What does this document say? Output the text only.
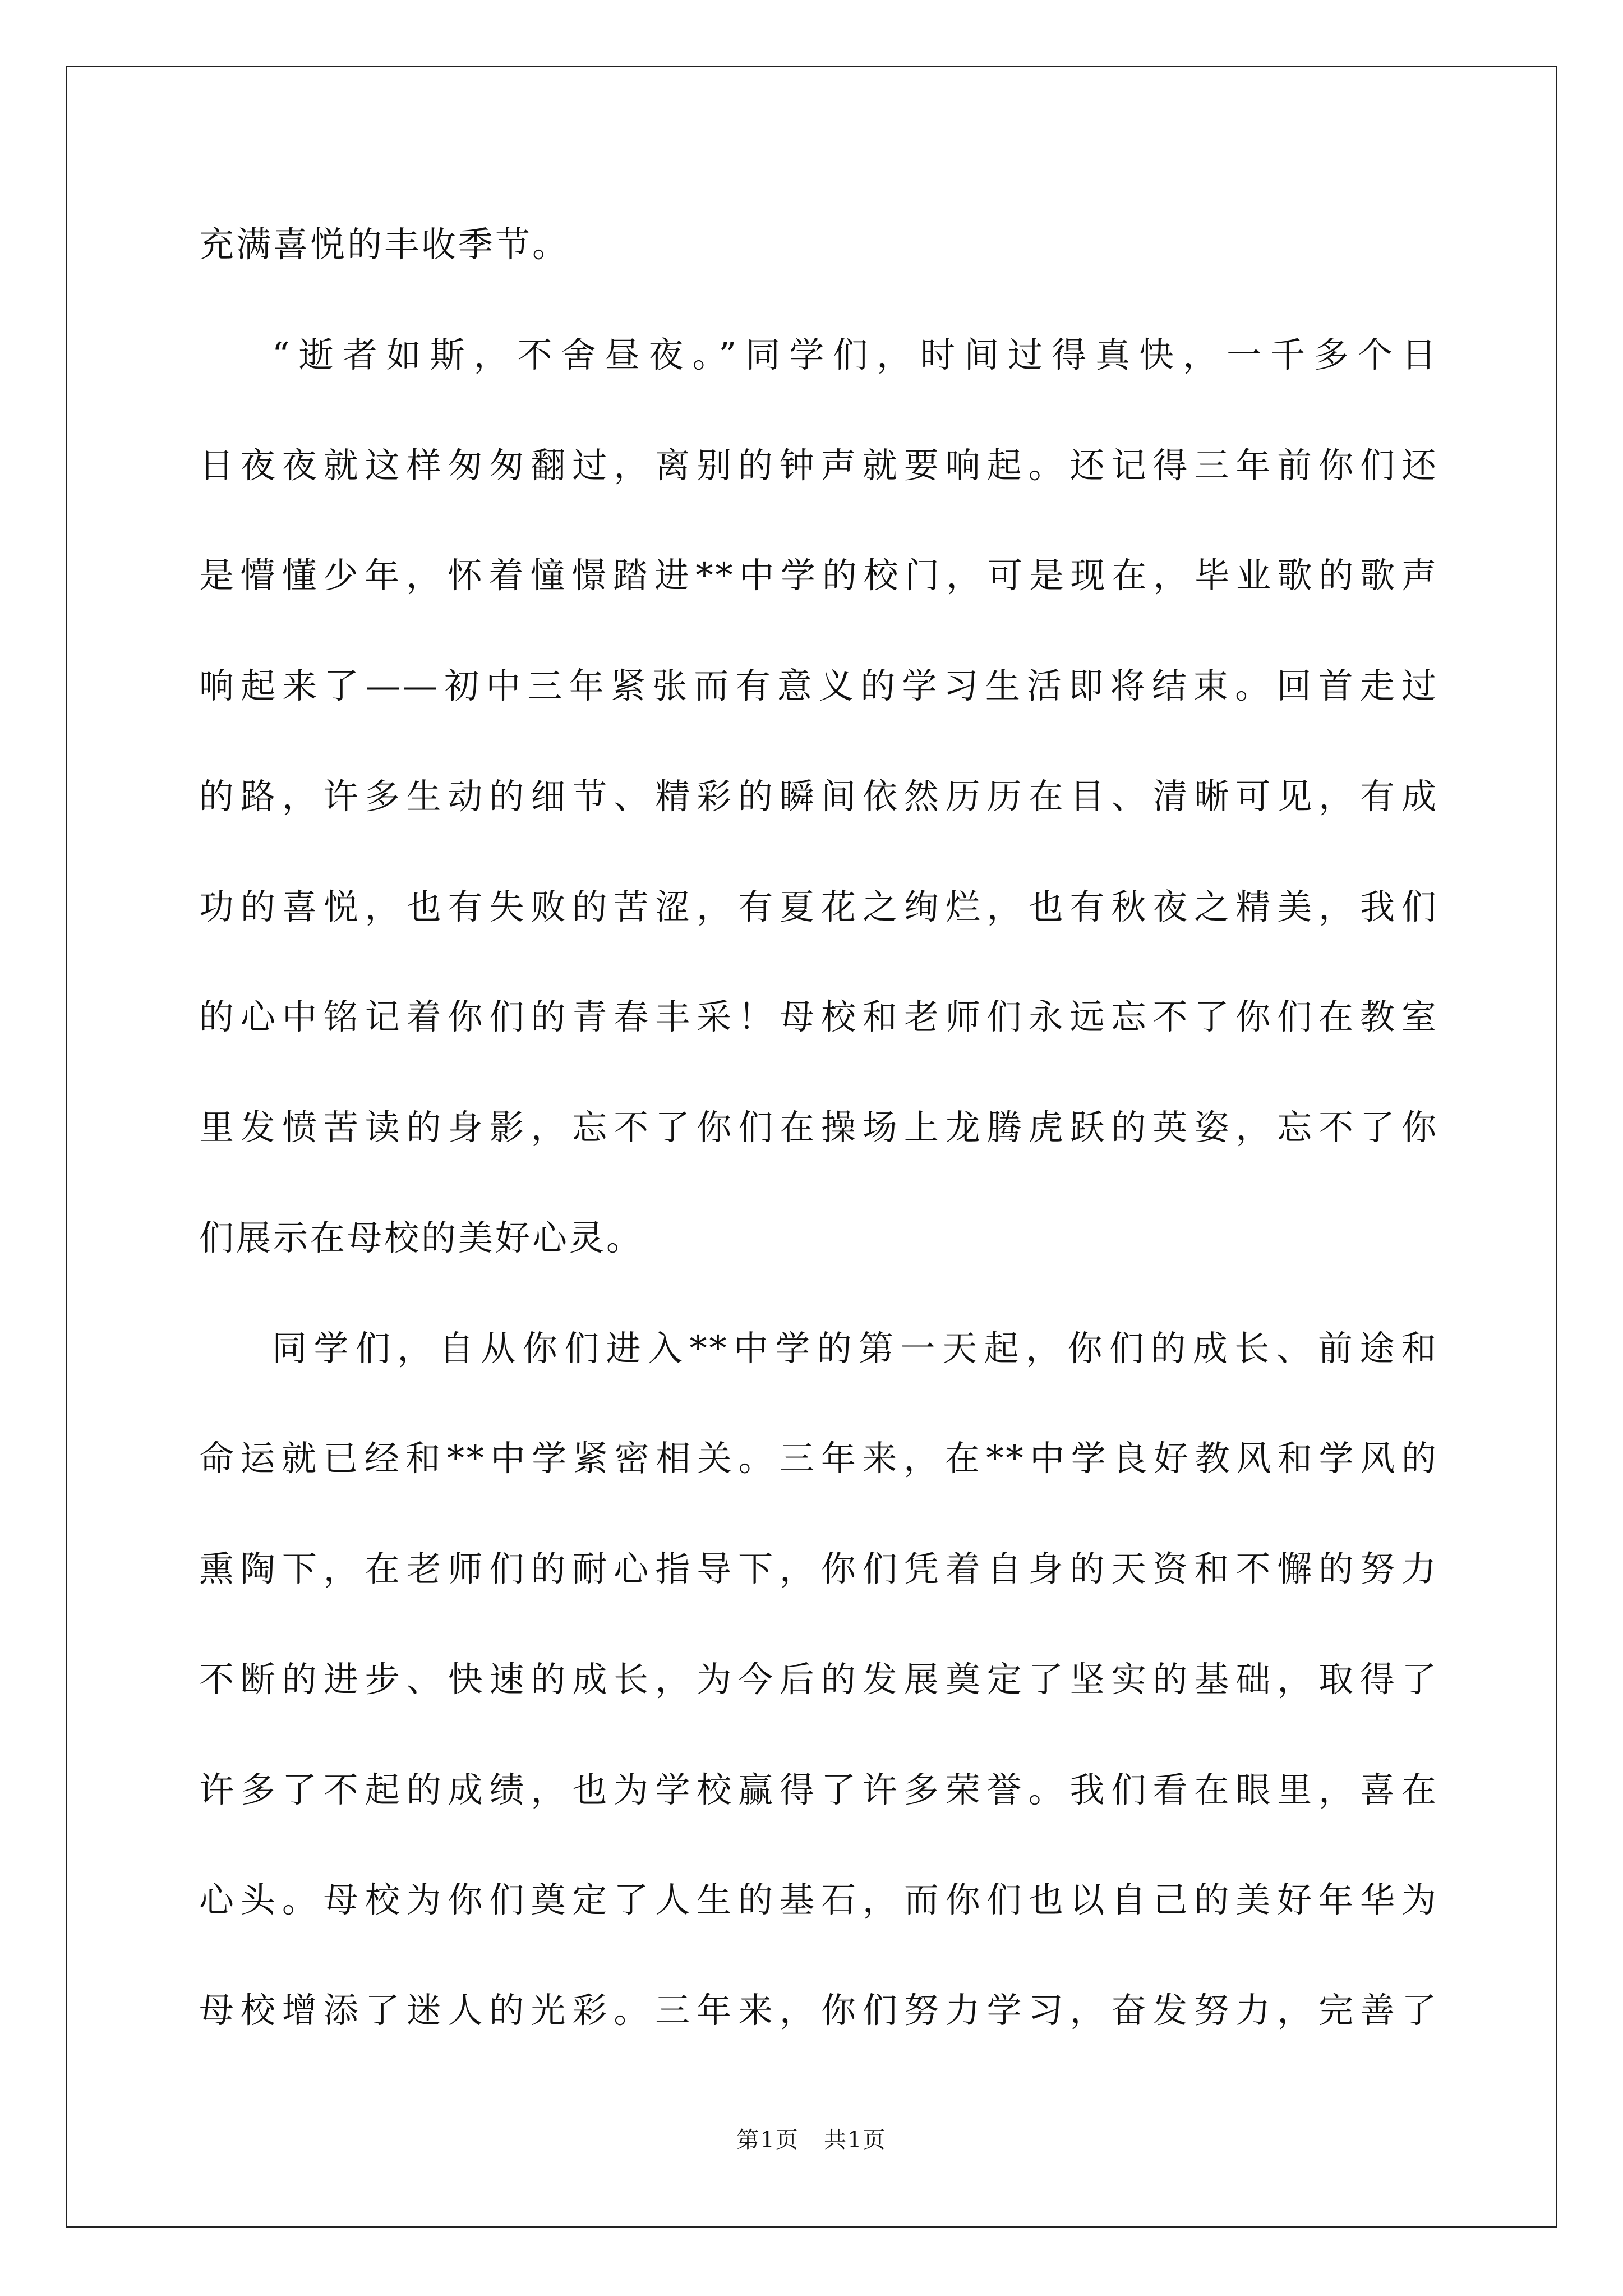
充满喜悦的丰收季节。

“逝者如斯，不舍昼夜。”同学们，时间过得真快，一千多个日

日夜夜就这样匆匆翻过，离别的钟声就要响起。还记得三年前你们还

是懵懂少年，怀着憧憬踏进**中学的校门，可是现在，毕业歌的歌声

响起来了——初中三年紧张而有意义的学习生活即将结束。回首走过

的路，许多生动的细节、精彩的瞬间依然历历在目、清晰可见，有成

功的喜悦，也有失败的苦涩，有夏花之绚烂，也有秋夜之精美，我们

的心中铭记着你们的青春丰采！母校和老师们永远忘不了你们在教室

里发愤苦读的身影，忘不了你们在操场上龙腾虎跃的英姿，忘不了你

们展示在母校的美好心灵。

同学们，自从你们进入**中学的第一天起，你们的成长、前途和

命运就已经和**中学紧密相关。三年来，在**中学良好教风和学风的

熏陶下，在老师们的耐心指导下，你们凭着自身的天资和不懈的努力

不断的进步、快速的成长，为今后的发展奠定了坚实的基础，取得了

许多了不起的成绩，也为学校赢得了许多荣誉。我们看在眼里，喜在

心头。母校为你们奠定了人生的基石，而你们也以自己的美好年华为

母校增添了迷人的光彩。三年来，你们努力学习，奋发努力，完善了

第1页   共1页
